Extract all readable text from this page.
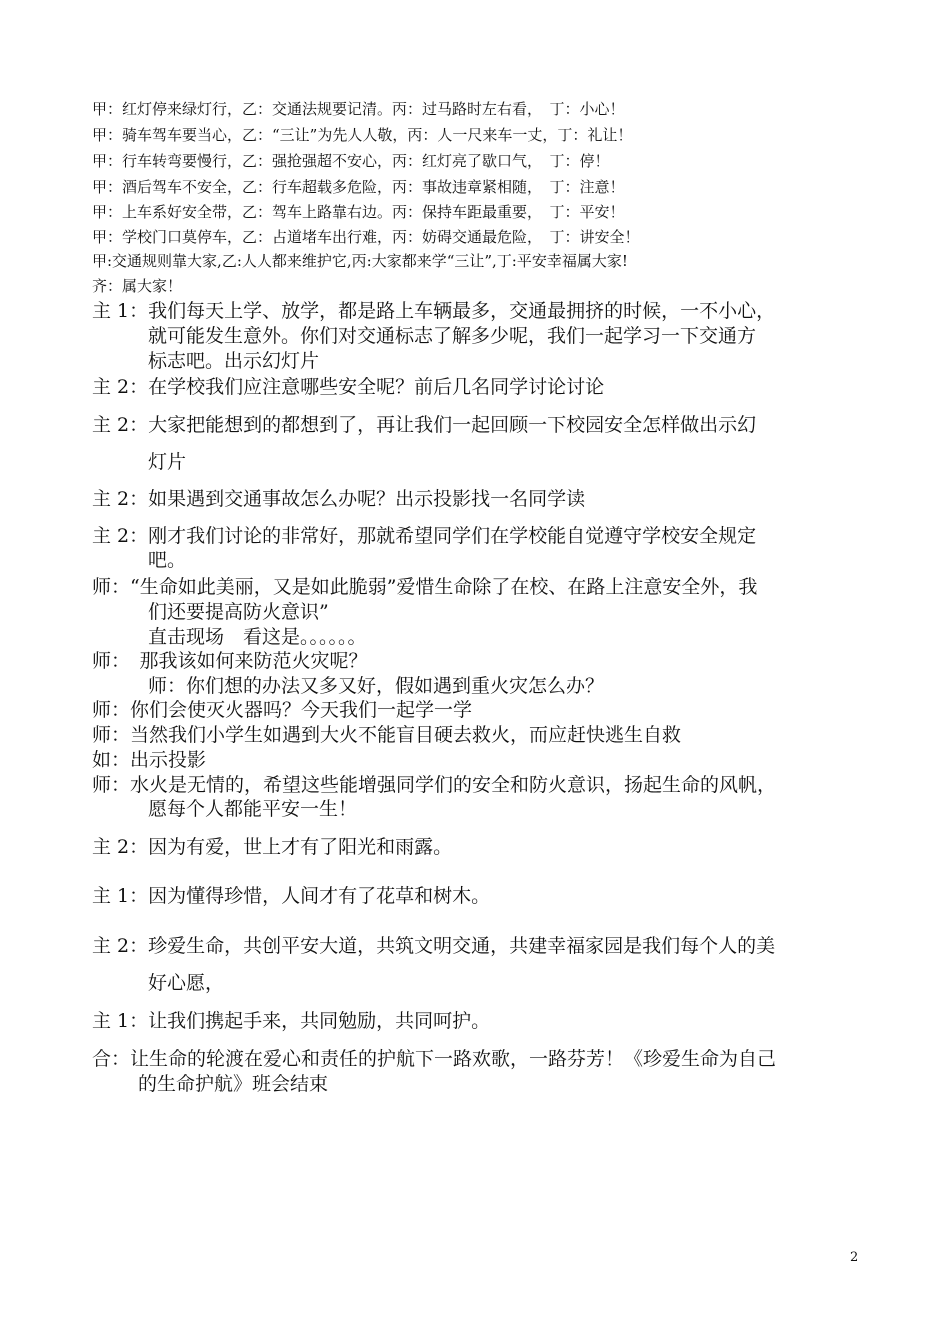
甲：红灯停来绿灯行，乙：交通法规要记清。丙：过马路时左右看，　丁：小心！

甲：骑车驾车要当心，乙：“三让”为先人人敬，丙：人一尺来车一丈，丁：礼让！

甲：行车转弯要慢行，乙：强抢强超不安心，丙：红灯亮了歇口气，　丁：停！

甲：酒后驾车不安全，乙：行车超载多危险，丙：事故违章紧相随，　丁：注意！

甲：上车系好安全带，乙：驾车上路靠右边。丙：保持车距最重要，　丁：平安！

甲：学校门口莫停车，乙：占道堵车出行难，丙：妨碍交通最危险，　丁：讲安全！

甲:交通规则靠大家,乙:人人都来维护它,丙:大家都来学“三让”,丁:平安幸福属大家!

齐：属大家！

主 1：我们每天上学、放学，都是路上车辆最多，交通最拥挤的时候，一不小心，

就可能发生意外。你们对交通标志了解多少呢，我们一起学习一下交通方

标志吧。出示幻灯片

主 2：在学校我们应注意哪些安全呢？前后几名同学讨论讨论

主 2：大家把能想到的都想到了，再让我们一起回顾一下校园安全怎样做出示幻

灯片

主 2：如果遇到交通事故怎么办呢？出示投影找一名同学读

主 2：刚才我们讨论的非常好，那就希望同学们在学校能自觉遵守学校安全规定

吧。

师：“生命如此美丽，又是如此脆弱”爱惜生命除了在校、在路上注意安全外，我

们还要提高防火意识”

直击现场　看这是。。。。。。

师：　那我该如何来防范火灾呢？

师：你们想的办法又多又好，假如遇到重火灾怎么办？

师：你们会使灭火器吗？今天我们一起学一学

师：当然我们小学生如遇到大火不能盲目硬去救火，而应赶快逃生自救

如：出示投影

师：水火是无情的，希望这些能增强同学们的安全和防火意识，扬起生命的风帆，

愿每个人都能平安一生！

主 2：因为有爱，世上才有了阳光和雨露。

主 1：因为懂得珍惜，人间才有了花草和树木。

主 2：珍爱生命，共创平安大道，共筑文明交通，共建幸福家园是我们每个人的美

好心愿，

主 1：让我们携起手来，共同勉励，共同呵护。

合：让生命的轮渡在爱心和责任的护航下一路欢歌，一路芬芳！《珍爱生命为自己

的生命护航》班会结束

2
